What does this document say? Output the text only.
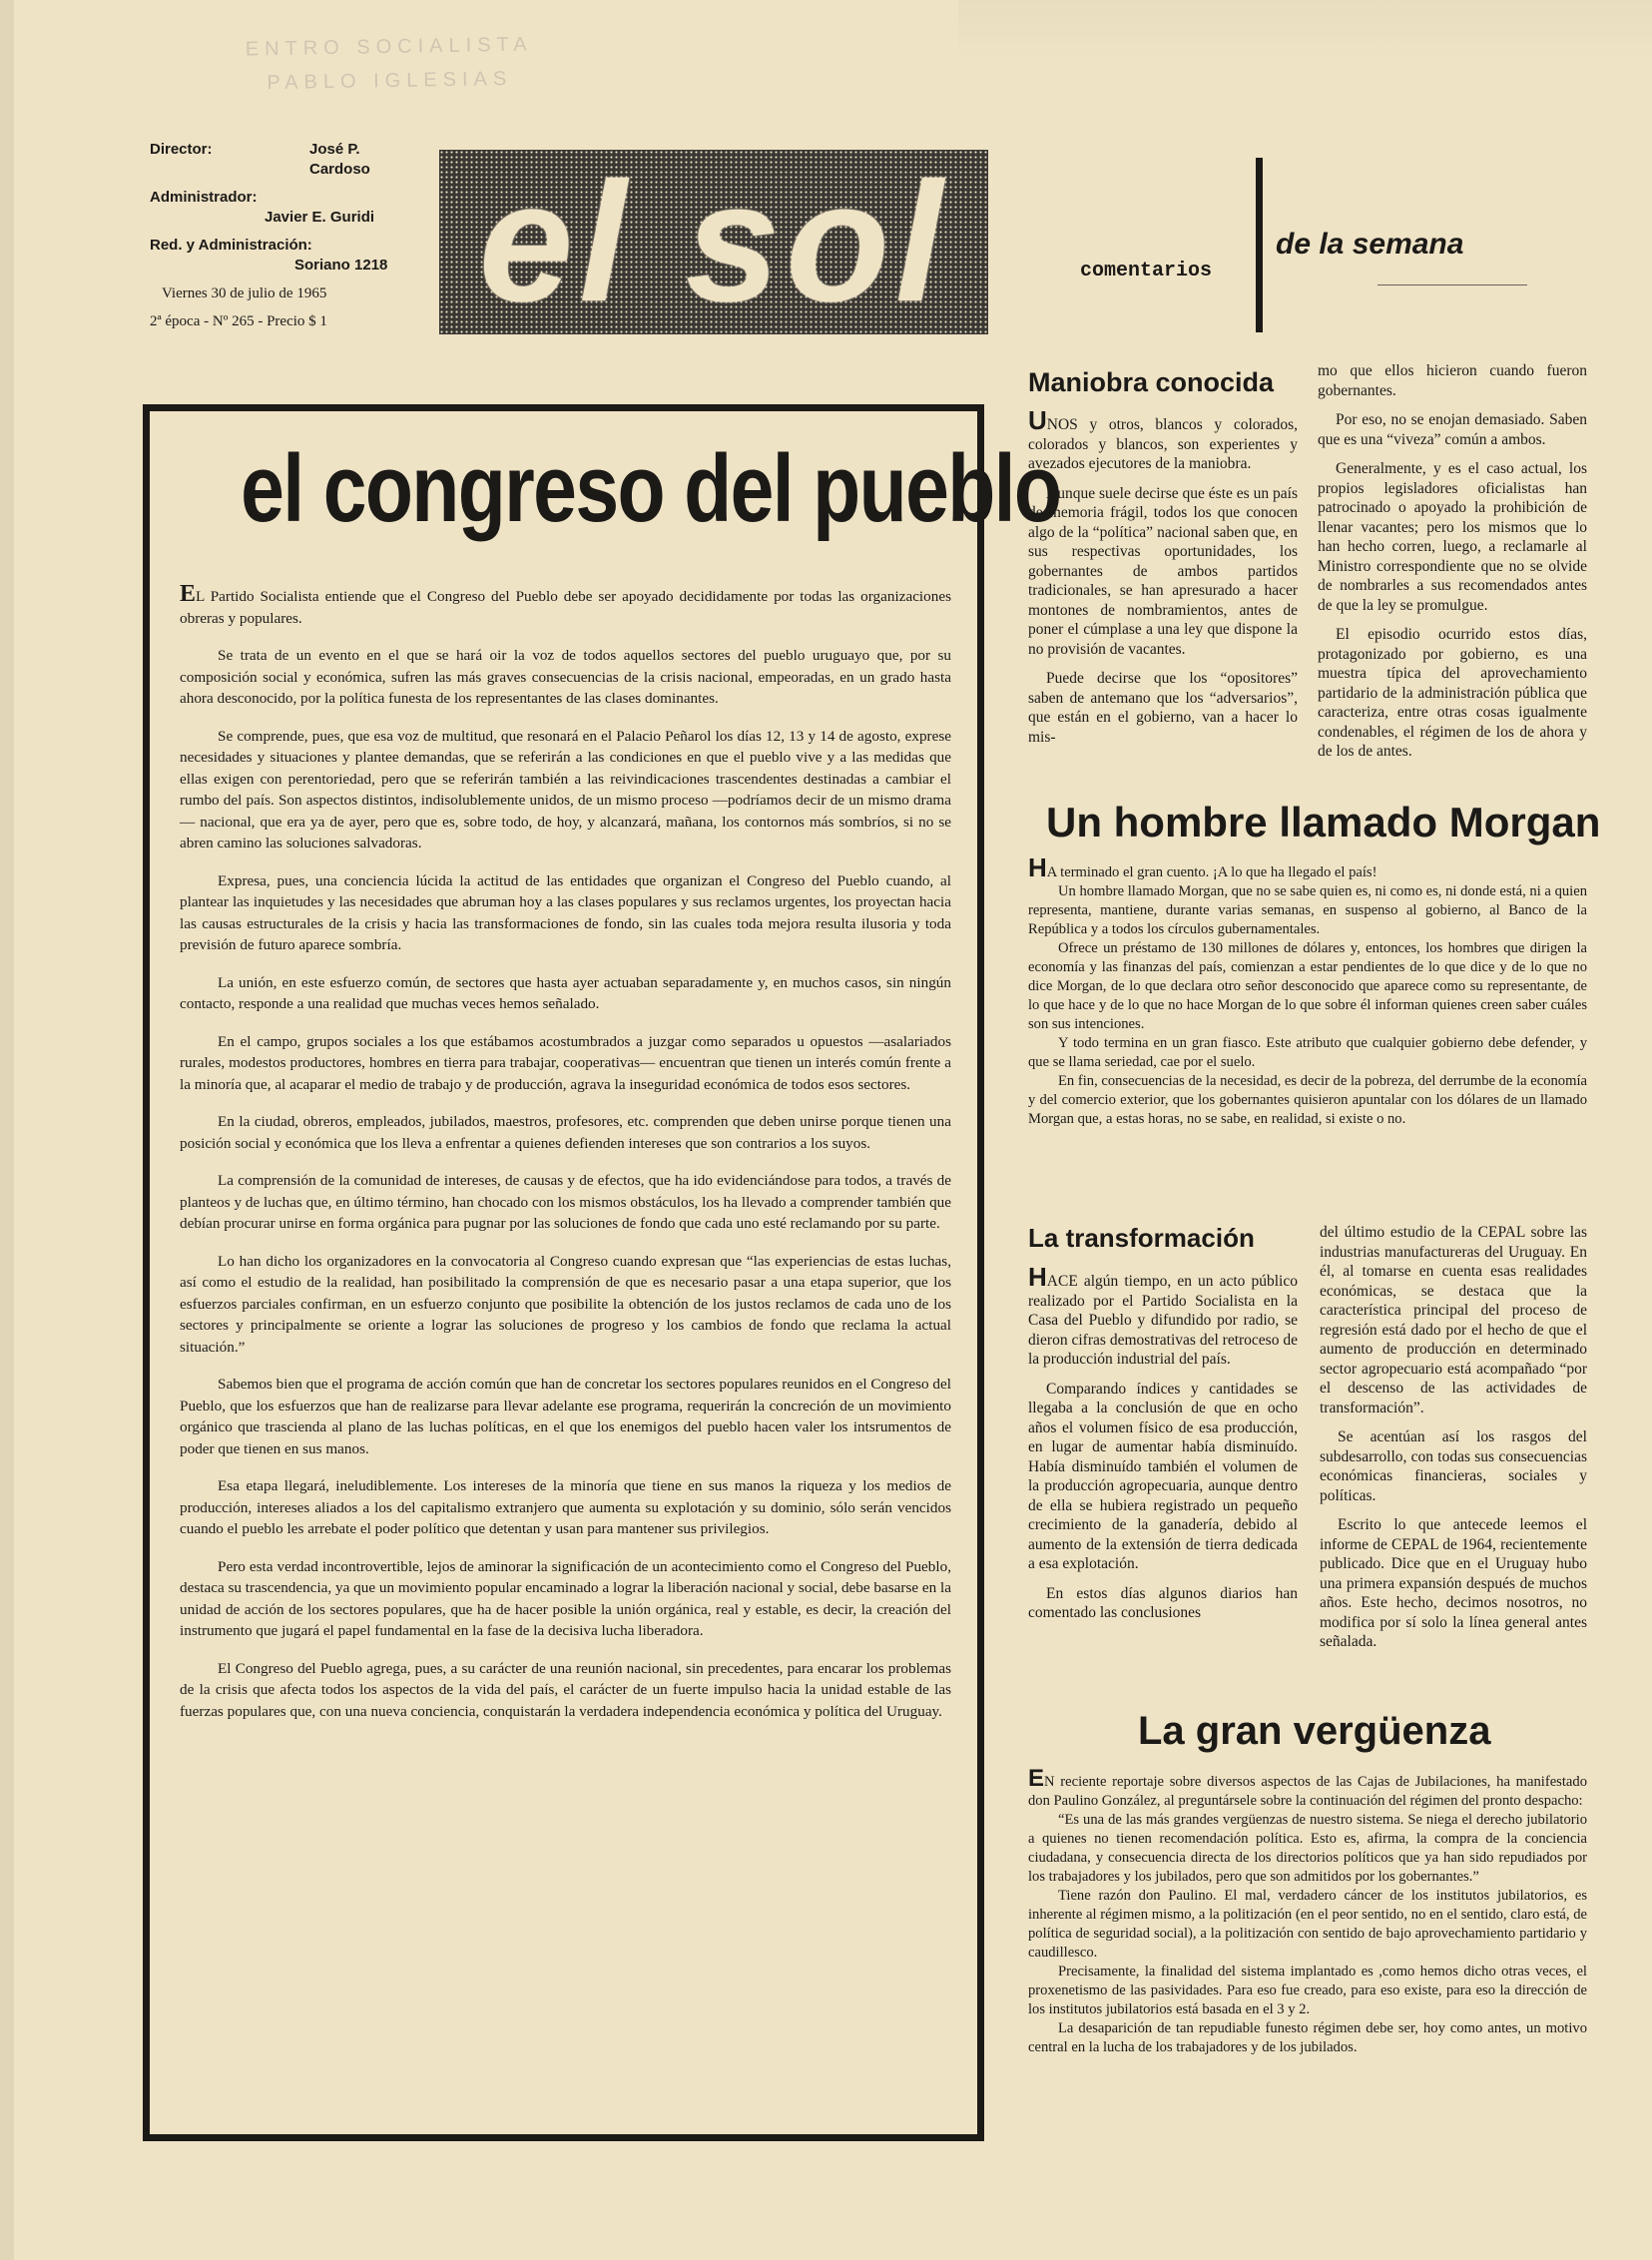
ENTRO SOCIALISTA
PABLO IGLESIAS
Director:	José P. Cardoso
Administrador:
Javier E. Guridi
Red. y Administración:
Soriano 1218
Viernes 30 de julio de 1965
2ª época - Nº 265 - Precio $ 1 el sol	comentarios
de la semana
el congreso del pueblo

EL Partido Socialista entiende que el Congreso del Pueblo debe ser apoyado decididamente por todas las organizaciones obreras y populares.

Se trata de un evento en el que se hará oir la voz de todos aquellos sectores del pueblo uruguayo que, por su composición social y económica, sufren las más graves consecuencias de la crisis nacional, empeoradas, en un grado hasta ahora desconocido, por la política funesta de los representantes de las clases dominantes.

Se comprende, pues, que esa voz de multitud, que resonará en el Palacio Peñarol los días 12, 13 y 14 de agosto, exprese necesidades y situaciones y plantee demandas, que se referirán a las condiciones en que el pueblo vive y a las medidas que ellas exigen con perentoriedad, pero que se referirán también a las reivindicaciones trascendentes destinadas a cambiar el rumbo del país. Son aspectos distintos, indisolublemente unidos, de un mismo proceso —podríamos decir de un mismo drama— nacional, que era ya de ayer, pero que es, sobre todo, de hoy, y alcanzará, mañana, los contornos más sombríos, si no se abren camino las soluciones salvadoras.

Expresa, pues, una conciencia lúcida la actitud de las entidades que organizan el Congreso del Pueblo cuando, al plantear las inquietudes y las necesidades que abruman hoy a las clases populares y sus reclamos urgentes, los proyectan hacia las causas estructurales de la crisis y hacia las transformaciones de fondo, sin las cuales toda mejora resulta ilusoria y toda previsión de futuro aparece sombría.

La unión, en este esfuerzo común, de sectores que hasta ayer actuaban separadamente y, en muchos casos, sin ningún contacto, responde a una realidad que muchas veces hemos señalado.

En el campo, grupos sociales a los que estábamos acostumbrados a juzgar como separados u opuestos —asalariados rurales, modestos productores, hombres en tierra para trabajar, cooperativas— encuentran que tienen un interés común frente a la minoría que, al acaparar el medio de trabajo y de producción, agrava la inseguridad económica de todos esos sectores.

En la ciudad, obreros, empleados, jubilados, maestros, profesores, etc. comprenden que deben unirse porque tienen una posición social y económica que los lleva a enfrentar a quienes defienden intereses que son contrarios a los suyos.

La comprensión de la comunidad de intereses, de causas y de efectos, que ha ido evidenciándose para todos, a través de planteos y de luchas que, en último término, han chocado con los mismos obstáculos, los ha llevado a comprender también que debían procurar unirse en forma orgánica para pugnar por las soluciones de fondo que cada uno esté reclamando por su parte.

Lo han dicho los organizadores en la convocatoria al Congreso cuando expresan que “las experiencias de estas luchas, así como el estudio de la realidad, han posibilitado la comprensión de que es necesario pasar a una etapa superior, que los esfuerzos parciales confirman, en un esfuerzo conjunto que posibilite la obtención de los justos reclamos de cada uno de los sectores y principalmente se oriente a lograr las soluciones de progreso y los cambios de fondo que reclama la actual situación.”

Sabemos bien que el programa de acción común que han de concretar los sectores populares reunidos en el Congreso del Pueblo, que los esfuerzos que han de realizarse para llevar adelante ese programa, requerirán la concreción de un movimiento orgánico que trascienda al plano de las luchas políticas, en el que los enemigos del pueblo hacen valer los intsrumentos de poder que tienen en sus manos.

Esa etapa llegará, ineludiblemente. Los intereses de la minoría que tiene en sus manos la riqueza y los medios de producción, intereses aliados a los del capitalismo extranjero que aumenta su explotación y su dominio, sólo serán vencidos cuando el pueblo les arrebate el poder político que detentan y usan para mantener sus privilegios.

Pero esta verdad incontrovertible, lejos de aminorar la significación de un acontecimiento como el Congreso del Pueblo, destaca su trascendencia, ya que un movimiento popular encaminado a lograr la liberación nacional y social, debe basarse en la unidad de acción de los sectores populares, que ha de hacer posible la unión orgánica, real y estable, es decir, la creación del instrumento que jugará el papel fundamental en la fase de la decisiva lucha liberadora.

El Congreso del Pueblo agrega, pues, a su carácter de una reunión nacional, sin precedentes, para encarar los problemas de la crisis que afecta todos los aspectos de la vida del país, el carácter de un fuerte impulso hacia la unidad estable de las fuerzas populares que, con una nueva conciencia, conquistarán la verdadera independencia económica y política del Uruguay.

Maniobra conocida

UNOS y otros, blancos y colorados, colorados y blancos, son experientes y avezados ejecutores de la maniobra.

Aunque suele decirse que éste es un país de memoria frágil, todos los que conocen algo de la “política” nacional saben que, en sus respectivas oportunidades, los gobernantes de ambos partidos tradicionales, se han apresurado a hacer montones de nombramientos, antes de poner el cúmplase a una ley que dispone la no provisión de vacantes.

Puede decirse que los “opositores” saben de antemano que los “adversarios”, que están en el gobierno, van a hacer lo mis-

mo que ellos hicieron cuando fueron gobernantes.

Por eso, no se enojan demasiado. Saben que es una “viveza” común a ambos.

Generalmente, y es el caso actual, los propios legisladores oficialistas han patrocinado o apoyado la prohibición de llenar vacantes; pero los mismos que lo han hecho corren, luego, a reclamarle al Ministro correspondiente que no se olvide de nombrarles a sus recomendados antes de que la ley se promulgue.

El episodio ocurrido estos días, protagonizado por gobierno, es una muestra típica del aprovechamiento partidario de la administración pública que caracteriza, entre otras cosas igualmente condenables, el régimen de los de ahora y de los de antes.

Un hombre llamado Morgan

HA terminado el gran cuento. ¡A lo que ha llegado el país!

Un hombre llamado Morgan, que no se sabe quien es, ni como es, ni donde está, ni a quien representa, mantiene, durante varias semanas, en suspenso al gobierno, al Banco de la República y a todos los círculos gubernamentales.

Ofrece un préstamo de 130 millones de dólares y, entonces, los hombres que dirigen la economía y las finanzas del país, comienzan a estar pendientes de lo que dice y de lo que no dice Morgan, de lo que declara otro señor desconocido que aparece como su representante, de lo que hace y de lo que no hace Morgan de lo que sobre él informan quienes creen saber cuáles son sus intenciones.

Y todo termina en un gran fiasco. Este atributo que cualquier gobierno debe defender, y que se llama seriedad, cae por el suelo.

En fin, consecuencias de la necesidad, es decir de la pobreza, del derrumbe de la economía y del comercio exterior, que los gobernantes quisieron apuntalar con los dólares de un llamado Morgan que, a estas horas, no se sabe, en realidad, si existe o no.

La transformación

HACE algún tiempo, en un acto público realizado por el Partido Socialista en la Casa del Pueblo y difundido por radio, se dieron cifras demostrativas del retroceso de la producción industrial del país.

Comparando índices y cantidades se llegaba a la conclusión de que en ocho años el volumen físico de esa producción, en lugar de aumentar había disminuído. Había disminuído también el volumen de la producción agropecuaria, aunque dentro de ella se hubiera registrado un pequeño crecimiento de la ganadería, debido al aumento de la extensión de tierra dedicada a esa explotación.

En estos días algunos diarios han comentado las conclusiones

del último estudio de la CEPAL sobre las industrias manufactureras del Uruguay. En él, al tomarse en cuenta esas realidades económicas, se destaca que la característica principal del proceso de regresión está dado por el hecho de que el aumento de producción en determinado sector agropecuario está acompañado “por el descenso de las actividades de transformación”.

Se acentúan así los rasgos del subdesarrollo, con todas sus consecuencias económicas financieras, sociales y políticas.

Escrito lo que antecede leemos el informe de CEPAL de 1964, recientemente publicado. Dice que en el Uruguay hubo una primera expansión después de muchos años. Este hecho, decimos nosotros, no modifica por sí solo la línea general antes señalada.

La gran vergüenza

EN reciente reportaje sobre diversos aspectos de las Cajas de Jubilaciones, ha manifestado don Paulino González, al preguntársele sobre la continuación del régimen del pronto despacho:

“Es una de las más grandes vergüenzas de nuestro sistema. Se niega el derecho jubilatorio a quienes no tienen recomendación política. Esto es, afirma, la compra de la conciencia ciudadana, y consecuencia directa de los directorios políticos que ya han sido repudiados por los trabajadores y los jubilados, pero que son admitidos por los gobernantes.”

Tiene razón don Paulino. El mal, verdadero cáncer de los institutos jubilatorios, es inherente al régimen mismo, a la politización (en el peor sentido, no en el sentido, claro está, de política de seguridad social), a la politización con sentido de bajo aprovechamiento partidario y caudillesco.

Precisamente, la finalidad del sistema implantado es ,como hemos dicho otras veces, el proxenetismo de las pasividades. Para eso fue creado, para eso existe, para eso la dirección de los institutos jubilatorios está basada en el 3 y 2.

La desaparición de tan repudiable funesto régimen debe ser, hoy como antes, un motivo central en la lucha de los trabajadores y de los jubilados.
